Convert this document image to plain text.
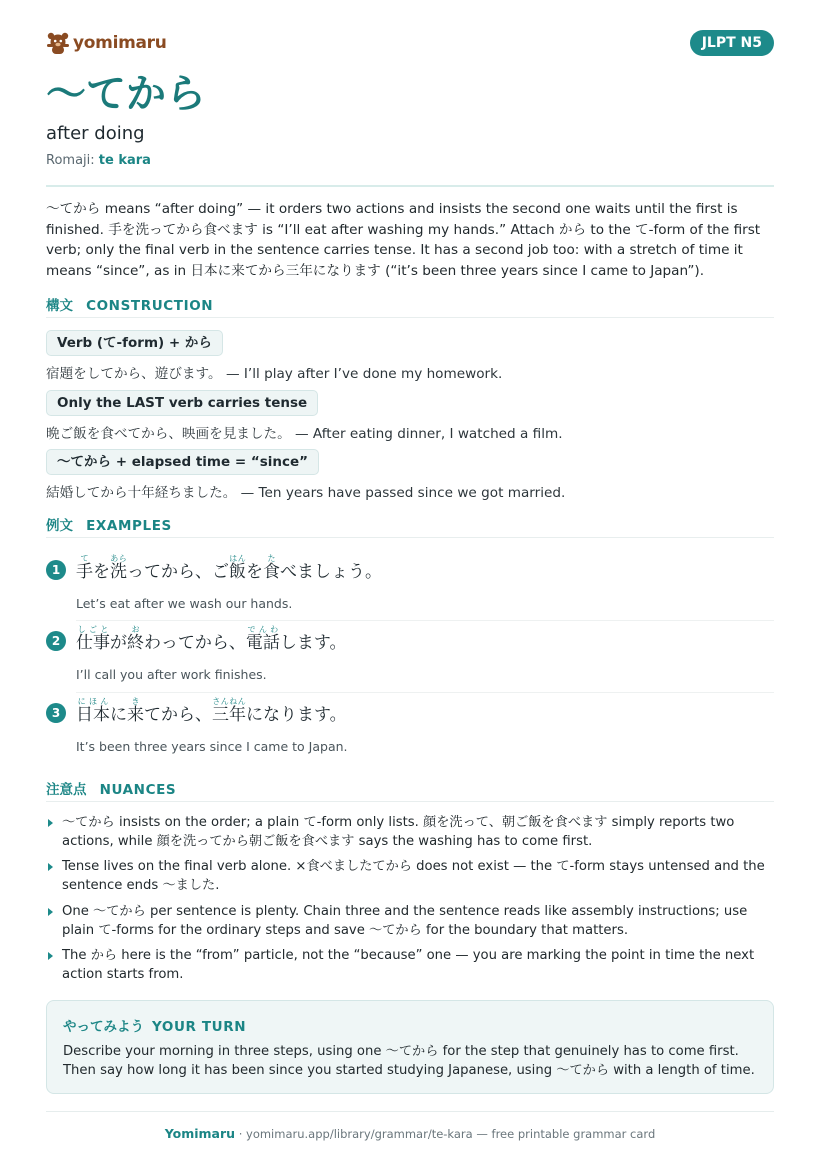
yomimaru	JLPT N5
〜てから
after doing
Romaji: te kara

〜てから means “after doing” — it orders two actions and insists the second one waits until the first is finished. 手を洗ってから食べます is “I’ll eat after washing my hands.” Attach から to the て-form of the first verb; only the final verb in the sentence carries tense. It has a second job too: with a stretch of time it means “since”, as in 日本に来てから三年になります (“it’s been three years since I came to Japan”).

構文 CONSTRUCTION
Verb (て-form) + から
宿題をしてから、遊びます。 — I’ll play after I’ve done my homework.
Only the LAST verb carries tense
晩ご飯を食べてから、映画を見ました。 — After eating dinner, I watched a film.
〜てから + elapsed time = “since”
結婚してから十年経ちました。 — Ten years have passed since we got married.
例文 EXAMPLES
1 手てを洗あらってから、ご飯はんを食たべましょう。
Let’s eat after we wash our hands.
2 仕事しごとが終おわってから、電話でんわします。
I’ll call you after work finishes.
3 日本にほんに来きてから、三年さんねんになります。
It’s been three years since I came to Japan.
注意点 NUANCES
〜てから insists on the order; a plain て-form only lists. 顔を洗って、朝ご飯を食べます simply reports two actions, while 顔を洗ってから朝ご飯を食べます says the washing has to come first.
Tense lives on the final verb alone. ×食べましたてから does not exist — the て-form stays untensed and the sentence ends 〜ました.
One 〜てから per sentence is plenty. Chain three and the sentence reads like assembly instructions; use plain て-forms for the ordinary steps and save 〜てから for the boundary that matters.
The から here is the “from” particle, not the “because” one — you are marking the point in time the next action starts from.
やってみよう YOUR TURN
Describe your morning in three steps, using one 〜てから for the step that genuinely has to come first. Then say how long it has been since you started studying Japanese, using 〜てから with a length of time.
Yomimaru · yomimaru.app/library/grammar/te-kara — free printable grammar card
